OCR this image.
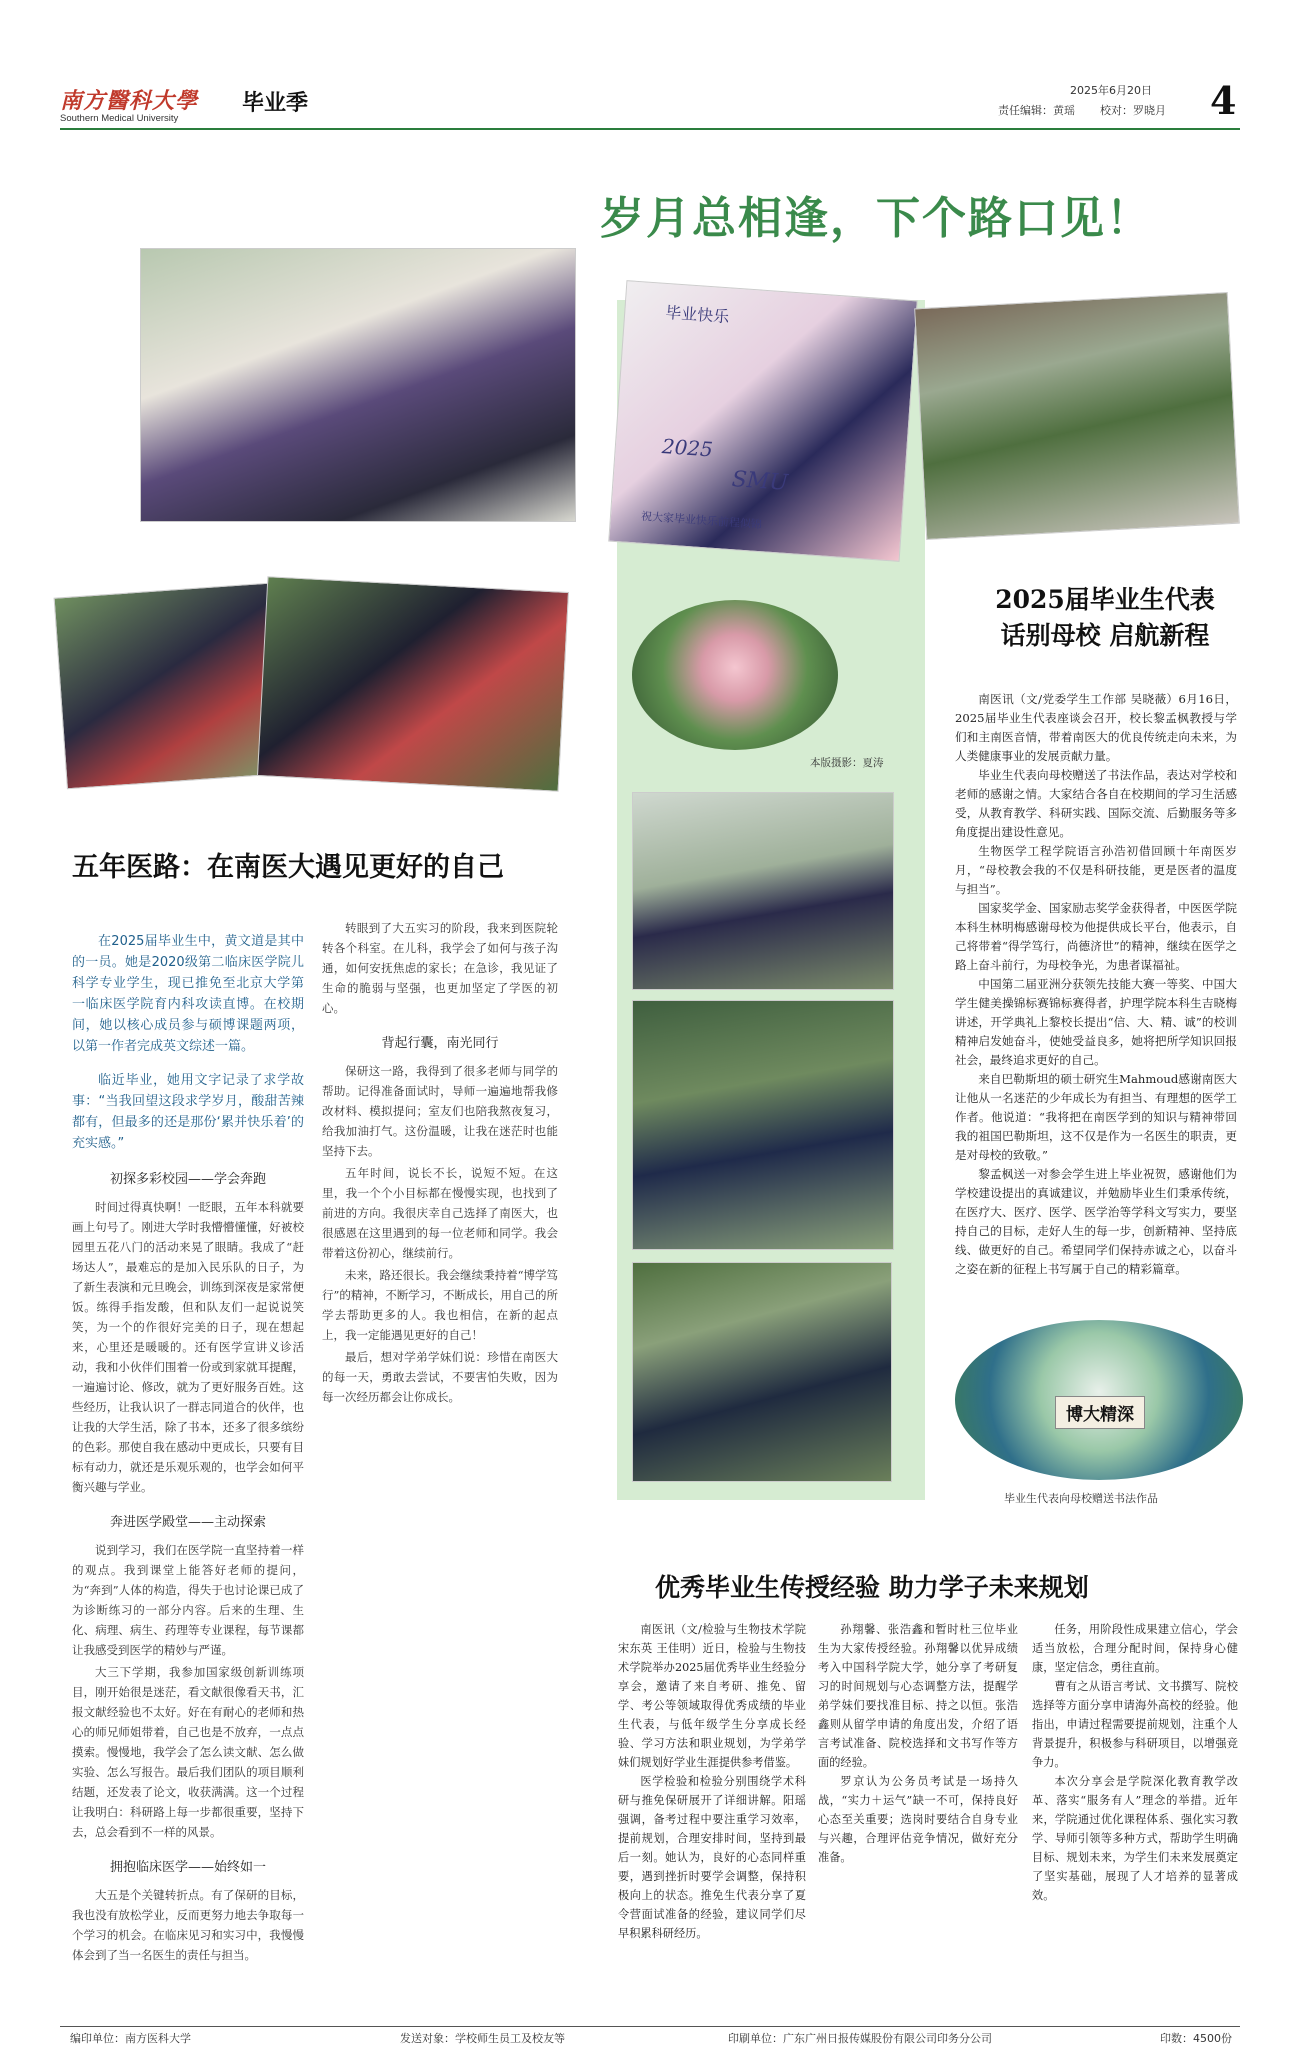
南方醫科大學
Southern Medical University
毕业季	2025年6月20日
责任编辑：黄瑶 校对：罗晓月 4
岁月总相逢，下个路口见！
毕业快乐
2025
SMU
祝大家毕业快乐前程似锦
本版摄影：夏涛
博大精深
毕业生代表向母校赠送书法作品
五年医路：在南医大遇见更好的自己

在2025届毕业生中，黄文道是其中的一员。她是2020级第二临床医学院儿科学专业学生，现已推免至北京大学第一临床医学院育内科攻读直博。在校期间，她以核心成员参与硕博课题两项，以第一作者完成英文综述一篇。

临近毕业，她用文字记录了求学故事：“当我回望这段求学岁月，酸甜苦辣都有，但最多的还是那份‘累并快乐着’的充实感。”

初探多彩校园——学会奔跑

时间过得真快啊！一眨眼，五年本科就要画上句号了。刚进大学时我懵懵懂懂，好被校园里五花八门的活动来晃了眼睛。我成了“赶场达人”，最难忘的是加入民乐队的日子，为了新生表演和元旦晚会，训练到深夜是家常便饭。练得手指发酸，但和队友们一起说说笑笑，为一个的作很好完美的日子，现在想起来，心里还是暖暖的。还有医学宣讲义诊活动，我和小伙伴们围着一份或到家就耳提醒，一遍遍讨论、修改，就为了更好服务百姓。这些经历，让我认识了一群志同道合的伙伴，也让我的大学生活，除了书本，还多了很多缤纷的色彩。那使自我在感动中更成长，只要有目标有动力，就还是乐观乐观的，也学会如何平衡兴趣与学业。

奔进医学殿堂——主动探索

说到学习，我们在医学院一直坚持着一样的观点。我到课堂上能答好老师的提问，为“奔到”人体的构造，得失于也讨论课已成了为诊断练习的一部分内容。后来的生理、生化、病理、病生、药理等专业课程，每节课都让我感受到医学的精妙与严谨。

大三下学期，我参加国家级创新训练项目，刚开始很是迷茫，看文献很像看天书，汇报文献经验也不太好。好在有耐心的老师和热心的师兄师姐带着，自己也是不放弃，一点点摸索。慢慢地，我学会了怎么读文献、怎么做实验、怎么写报告。最后我们团队的项目顺利结题，还发表了论文，收获满满。这一个过程让我明白：科研路上每一步都很重要，坚持下去，总会看到不一样的风景。

拥抱临床医学——始终如一

大五是个关键转折点。有了保研的目标，我也没有放松学业，反而更努力地去争取每一个学习的机会。在临床见习和实习中，我慢慢体会到了当一名医生的责任与担当。

转眼到了大五实习的阶段，我来到医院轮转各个科室。在儿科，我学会了如何与孩子沟通，如何安抚焦虑的家长；在急诊，我见证了生命的脆弱与坚强，也更加坚定了学医的初心。

背起行囊，南光同行

保研这一路，我得到了很多老师与同学的帮助。记得准备面试时，导师一遍遍地帮我修改材料、模拟提问；室友们也陪我熬夜复习，给我加油打气。这份温暖，让我在迷茫时也能坚持下去。

五年时间，说长不长，说短不短。在这里，我一个个小目标都在慢慢实现，也找到了前进的方向。我很庆幸自己选择了南医大，也很感恩在这里遇到的每一位老师和同学。我会带着这份初心，继续前行。

未来，路还很长。我会继续秉持着“博学笃行”的精神，不断学习，不断成长，用自己的所学去帮助更多的人。我也相信，在新的起点上，我一定能遇见更好的自己！

最后，想对学弟学妹们说：珍惜在南医大的每一天，勇敢去尝试，不要害怕失败，因为每一次经历都会让你成长。

2025届毕业生代表
话别母校 启航新程

南医讯（文/党委学生工作部 吴晓薇）6月16日，2025届毕业生代表座谈会召开，校长黎孟枫教授与学们和主南医音情，带着南医大的优良传统走向未来，为人类健康事业的发展贡献力量。

毕业生代表向母校赠送了书法作品，表达对学校和老师的感谢之情。大家结合各自在校期间的学习生活感受，从教育教学、科研实践、国际交流、后勤服务等多角度提出建设性意见。

生物医学工程学院语言孙浩初借回顾十年南医岁月，“母校教会我的不仅是科研技能，更是医者的温度与担当”。

国家奖学金、国家励志奖学金获得者，中医医学院本科生林明梅感谢母校为他提供成长平台，他表示，自己将带着“得学笃行，尚德济世”的精神，继续在医学之路上奋斗前行，为母校争光，为患者谋福祉。

中国第二届亚洲分获领先技能大赛一等奖、中国大学生健美操锦标赛锦标赛得者，护理学院本科生吉晓梅讲述，开学典礼上黎校长提出“信、大、精、诚”的校训精神启发她奋斗，使她受益良多，她将把所学知识回报社会，最终追求更好的自己。

来自巴勒斯坦的硕士研究生Mahmoud感谢南医大让他从一名迷茫的少年成长为有担当、有理想的医学工作者。他说道：“我将把在南医学到的知识与精神带回我的祖国巴勒斯坦，这不仅是作为一名医生的职责，更是对母校的致敬。”

黎孟枫送一对参会学生进上毕业祝贺，感谢他们为学校建设提出的真诚建议，并勉励毕业生们秉承传统，在医疗大、医疗、医学、医学治等学科文写实力，要坚持自己的目标，走好人生的每一步，创新精神、坚持底线、做更好的自己。希望同学们保持赤诚之心，以奋斗之姿在新的征程上书写属于自己的精彩篇章。

优秀毕业生传授经验 助力学子未来规划

南医讯（文/检验与生物技术学院 宋东英 王佳明）近日，检验与生物技术学院举办2025届优秀毕业生经验分享会，邀请了来自考研、推免、留学、考公等领域取得优秀成绩的毕业生代表，与低年级学生分享成长经验、学习方法和职业规划，为学弟学妹们规划好学业生涯提供参考借鉴。

医学检验和检验分别围绕学术科研与推免保研展开了详细讲解。阳瑶强调，备考过程中要注重学习效率，提前规划，合理安排时间，坚持到最后一刻。她认为，良好的心态同样重要，遇到挫折时要学会调整，保持积极向上的状态。推免生代表分享了夏令营面试准备的经验，建议同学们尽早积累科研经历。

孙翔馨、张浩鑫和暂时杜三位毕业生为大家传授经验。孙翔馨以优异成绩考入中国科学院大学，她分享了考研复习的时间规划与心态调整方法，提醒学弟学妹们要找准目标、持之以恒。张浩鑫则从留学申请的角度出发，介绍了语言考试准备、院校选择和文书写作等方面的经验。

罗京认为公务员考试是一场持久战，“实力＋运气”缺一不可，保持良好心态至关重要；选岗时要结合自身专业与兴趣，合理评估竞争情况，做好充分准备。

任务，用阶段性成果建立信心，学会适当放松，合理分配时间，保持身心健康，坚定信念，勇往直前。

曹有之从语言考试、文书撰写、院校选择等方面分享申请海外高校的经验。他指出，申请过程需要提前规划，注重个人背景提升，积极参与科研项目，以增强竞争力。

本次分享会是学院深化教育教学改革、落实“服务有人”理念的举措。近年来，学院通过优化课程体系、强化实习教学、导师引领等多种方式，帮助学生明确目标、规划未来，为学生们未来发展奠定了坚实基础，展现了人才培养的显著成效。

编印单位：南方医科大学	发送对象：学校师生员工及校友等	印刷单位：广东广州日报传媒股份有限公司印务分公司	印数：4500份
